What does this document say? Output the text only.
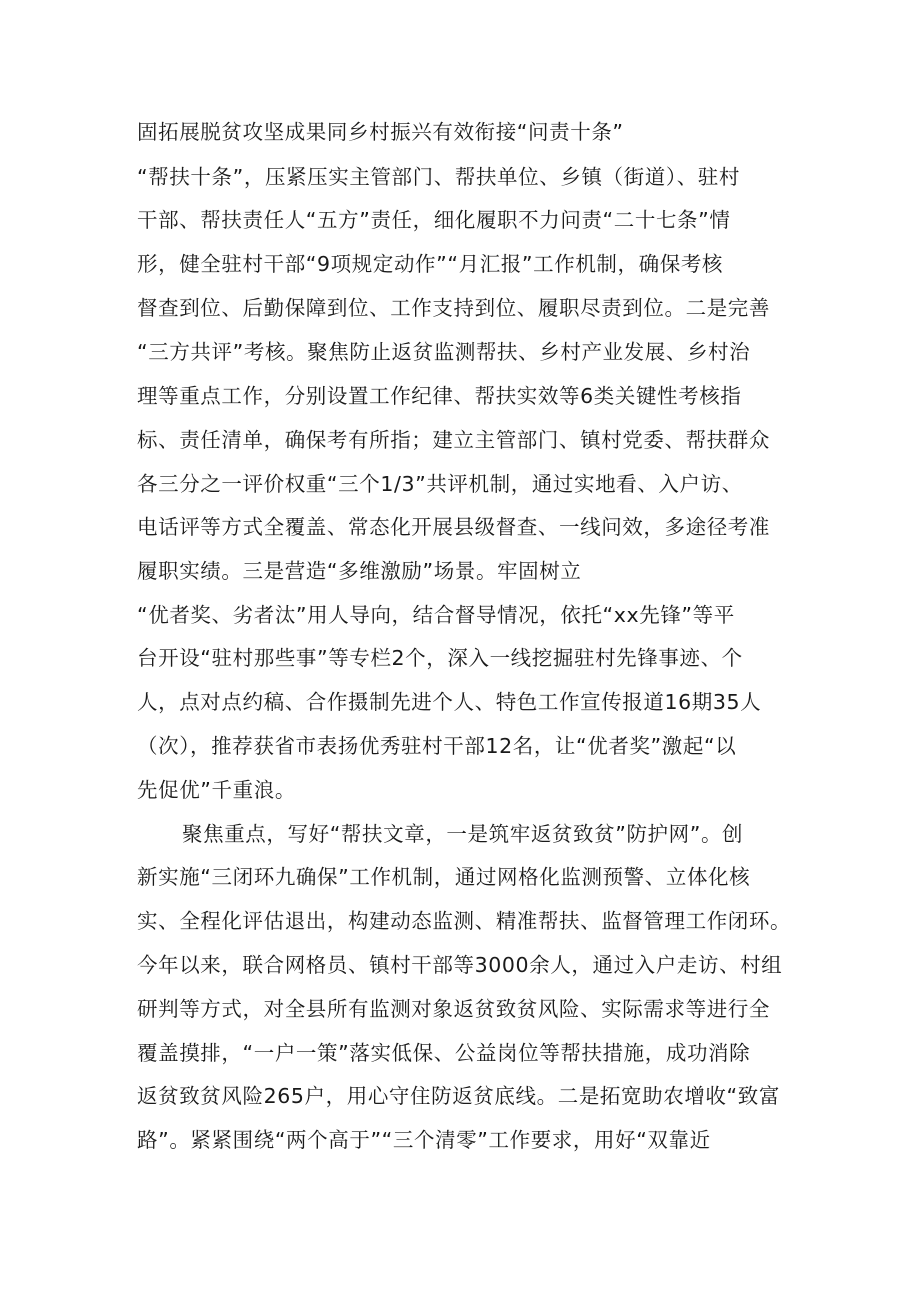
固拓展脱贫攻坚成果同乡村振兴有效衔接“问责十条”
“帮扶十条”，压紧压实主管部门、帮扶单位、乡镇（街道）、驻村
干部、帮扶责任人“五方”责任，细化履职不力问责“二十七条”情
形，健全驻村干部“9项规定动作”“月汇报”工作机制，确保考核
督查到位、后勤保障到位、工作支持到位、履职尽责到位。二是完善
“三方共评”考核。聚焦防止返贫监测帮扶、乡村产业发展、乡村治
理等重点工作，分别设置工作纪律、帮扶实效等6类关键性考核指
标、责任清单，确保考有所指；建立主管部门、镇村党委、帮扶群众
各三分之一评价权重“三个1/3”共评机制，通过实地看、入户访、
电话评等方式全覆盖、常态化开展县级督查、一线问效，多途径考准
履职实绩。三是营造“多维激励”场景。牢固树立
“优者奖、劣者汰”用人导向，结合督导情况，依托“xx先锋”等平
台开设“驻村那些事”等专栏2个，深入一线挖掘驻村先锋事迹、个
人，点对点约稿、合作摄制先进个人、特色工作宣传报道16期35人
（次），推荐获省市表扬优秀驻村干部12名，让“优者奖”激起“以
先促优”千重浪。
聚焦重点，写好“帮扶文章，一是筑牢返贫致贫”防护网”。创
新实施“三闭环九确保”工作机制，通过网格化监测预警、立体化核
实、全程化评估退出，构建动态监测、精准帮扶、监督管理工作闭环。
今年以来，联合网格员、镇村干部等3000余人，通过入户走访、村组
研判等方式，对全县所有监测对象返贫致贫风险、实际需求等进行全
覆盖摸排，“一户一策”落实低保、公益岗位等帮扶措施，成功消除
返贫致贫风险265户，用心守住防返贫底线。二是拓宽助农增收“致富
路”。紧紧围绕“两个高于”“三个清零”工作要求，用好“双靠近
